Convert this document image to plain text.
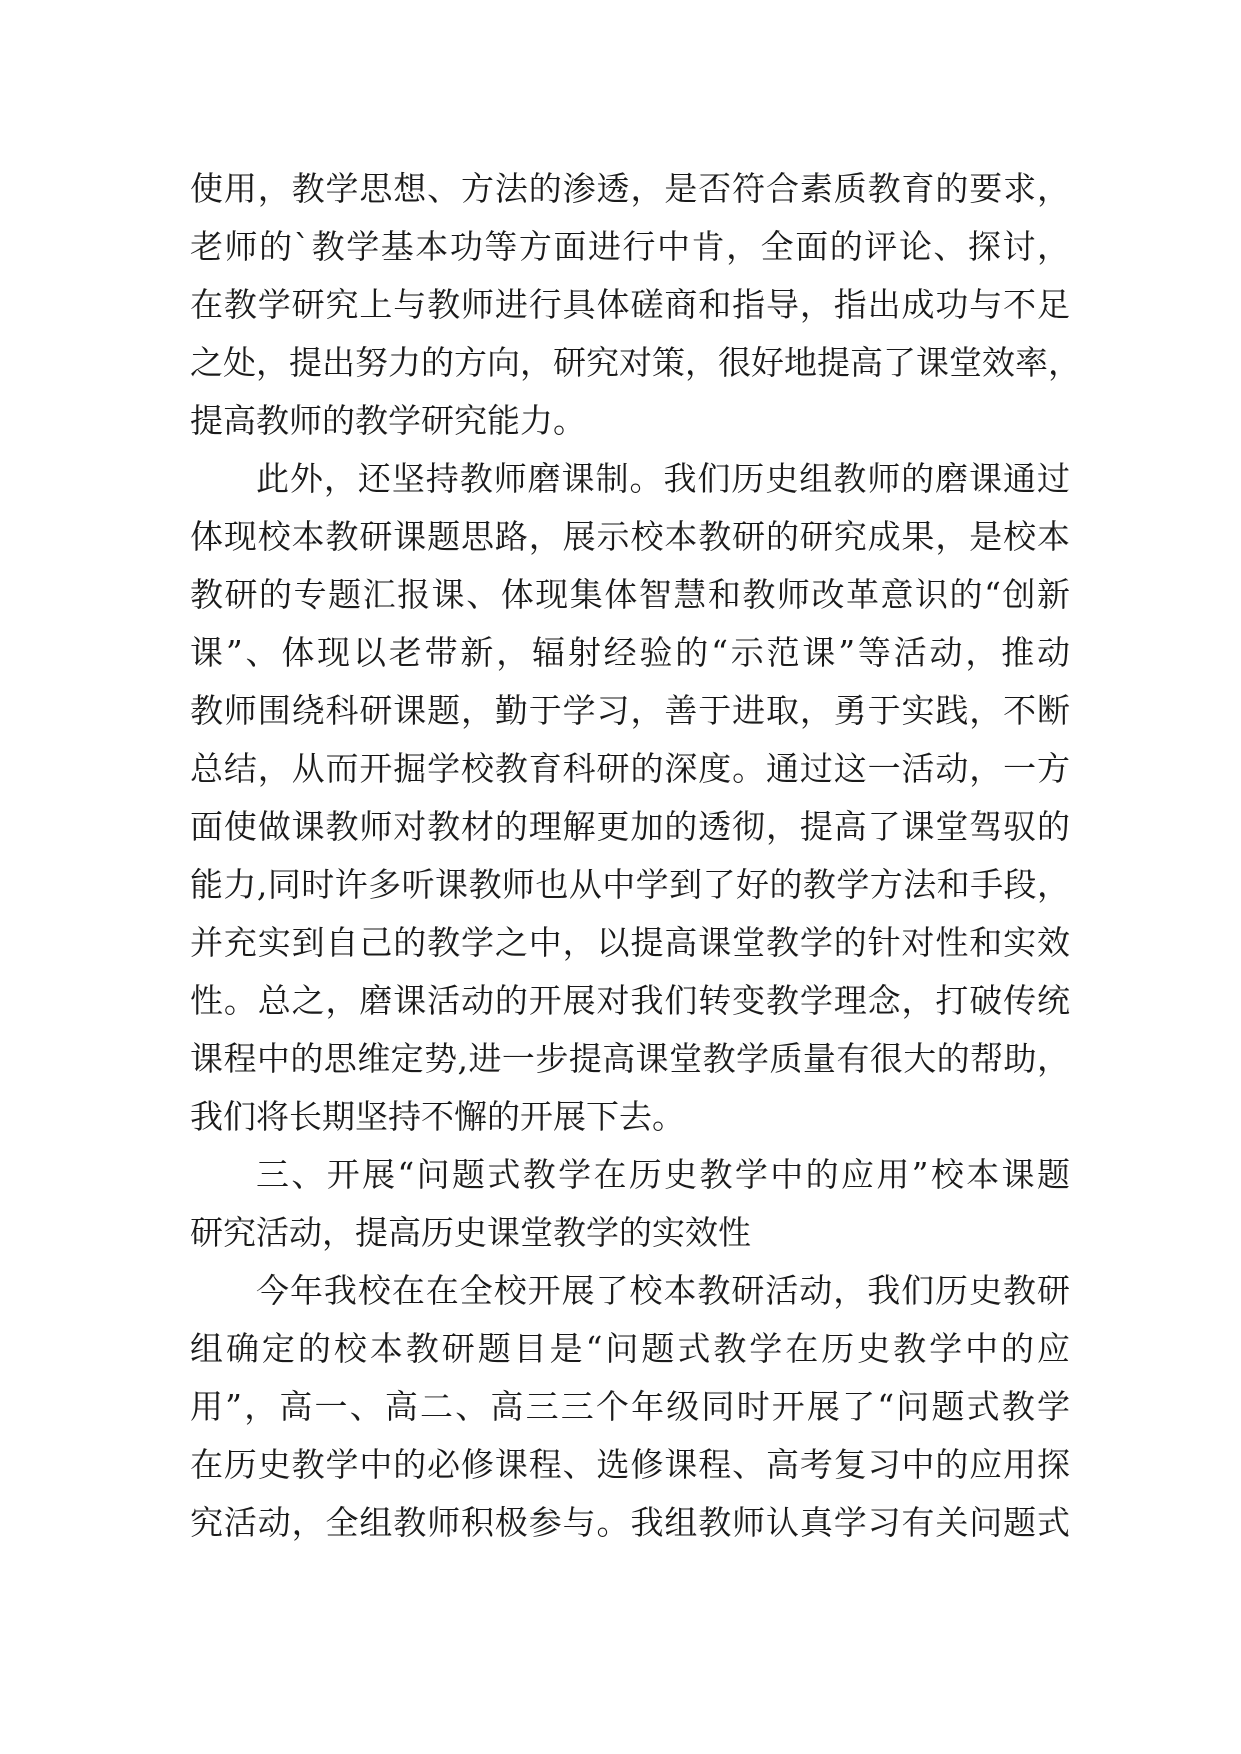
使用，教学思想、方法的渗透，是否符合素质教育的要求，
老师的`教学基本功等方面进行中肯，全面的评论、探讨，
在教学研究上与教师进行具体磋商和指导，指出成功与不足
之处，提出努力的方向，研究对策，很好地提高了课堂效率，
提高教师的教学研究能力。
此外，还坚持教师磨课制。我们历史组教师的磨课通过
体现校本教研课题思路，展示校本教研的研究成果，是校本
教研的专题汇报课、体现集体智慧和教师改革意识的“创新
课”、体现以老带新，辐射经验的“示范课”等活动，推动
教师围绕科研课题，勤于学习，善于进取，勇于实践，不断
总结，从而开掘学校教育科研的深度。通过这一活动，一方
面使做课教师对教材的理解更加的透彻，提高了课堂驾驭的
能力,同时许多听课教师也从中学到了好的教学方法和手段，
并充实到自己的教学之中，以提高课堂教学的针对性和实效
性。总之，磨课活动的开展对我们转变教学理念，打破传统
课程中的思维定势,进一步提高课堂教学质量有很大的帮助，
我们将长期坚持不懈的开展下去。
三、开展“问题式教学在历史教学中的应用”校本课题
研究活动，提高历史课堂教学的实效性
今年我校在在全校开展了校本教研活动，我们历史教研
组确定的校本教研题目是“问题式教学在历史教学中的应
用”，高一、高二、高三三个年级同时开展了“问题式教学
在历史教学中的必修课程、选修课程、高考复习中的应用探
究活动，全组教师积极参与。我组教师认真学习有关问题式
